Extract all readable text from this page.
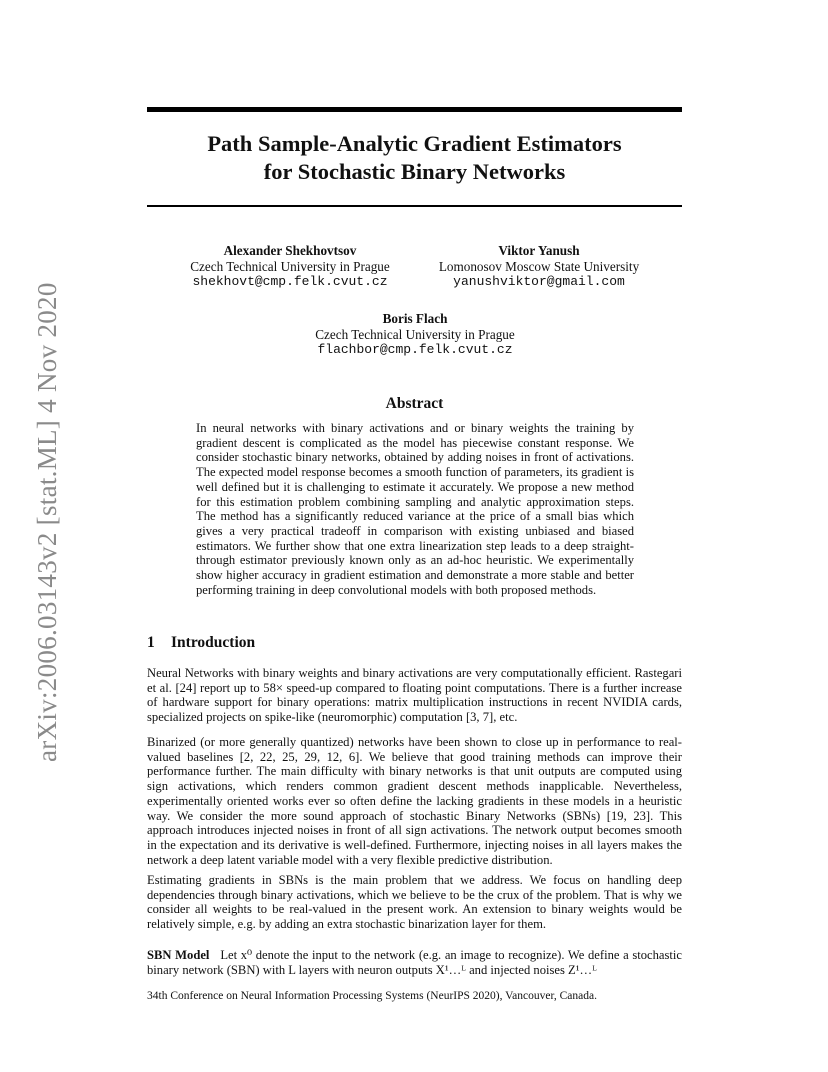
arXiv:2006.03143v2 [stat.ML] 4 Nov 2020
Path Sample-Analytic Gradient Estimators
for Stochastic Binary Networks
Alexander Shekhovtsov
Czech Technical University in Prague
shekhovt@cmp.felk.cvut.cz
Viktor Yanush
Lomonosov Moscow State University
yanushviktor@gmail.com
Boris Flach
Czech Technical University in Prague
flachbor@cmp.felk.cvut.cz
Abstract
In neural networks with binary activations and or binary weights the training by gradient descent is complicated as the model has piecewise constant response. We consider stochastic binary networks, obtained by adding noises in front of activations. The expected model response becomes a smooth function of parameters, its gradient is well defined but it is challenging to estimate it accurately. We propose a new method for this estimation problem combining sampling and analytic approximation steps. The method has a significantly reduced variance at the price of a small bias which gives a very practical tradeoff in comparison with existing unbiased and biased estimators. We further show that one extra linearization step leads to a deep straight-through estimator previously known only as an ad-hoc heuristic. We experimentally show higher accuracy in gradient estimation and demonstrate a more stable and better performing training in deep convolutional models with both proposed methods.
1 Introduction

Neural Networks with binary weights and binary activations are very computationally efficient. Rastegari et al. [24] report up to 58× speed-up compared to floating point computations. There is a further increase of hardware support for binary operations: matrix multiplication instructions in recent NVIDIA cards, specialized projects on spike-like (neuromorphic) computation [3, 7], etc.

Binarized (or more generally quantized) networks have been shown to close up in performance to real-valued baselines [2, 22, 25, 29, 12, 6]. We believe that good training methods can improve their performance further. The main difficulty with binary networks is that unit outputs are computed using sign activations, which renders common gradient descent methods inapplicable. Nevertheless, experimentally oriented works ever so often define the lacking gradients in these models in a heuristic way. We consider the more sound approach of stochastic Binary Networks (SBNs) [19, 23]. This approach introduces injected noises in front of all sign activations. The network output becomes smooth in the expectation and its derivative is well-defined. Furthermore, injecting noises in all layers makes the network a deep latent variable model with a very flexible predictive distribution.

Estimating gradients in SBNs is the main problem that we address. We focus on handling deep dependencies through binary activations, which we believe to be the crux of the problem. That is why we consider all weights to be real-valued in the present work. An extension to binary weights would be relatively simple, e.g. by adding an extra stochastic binarization layer for them.

SBN Model Let x⁰ denote the input to the network (e.g. an image to recognize). We define a stochastic binary network (SBN) with L layers with neuron outputs X¹…ᴸ and injected noises Z¹…ᴸ

34th Conference on Neural Information Processing Systems (NeurIPS 2020), Vancouver, Canada.
